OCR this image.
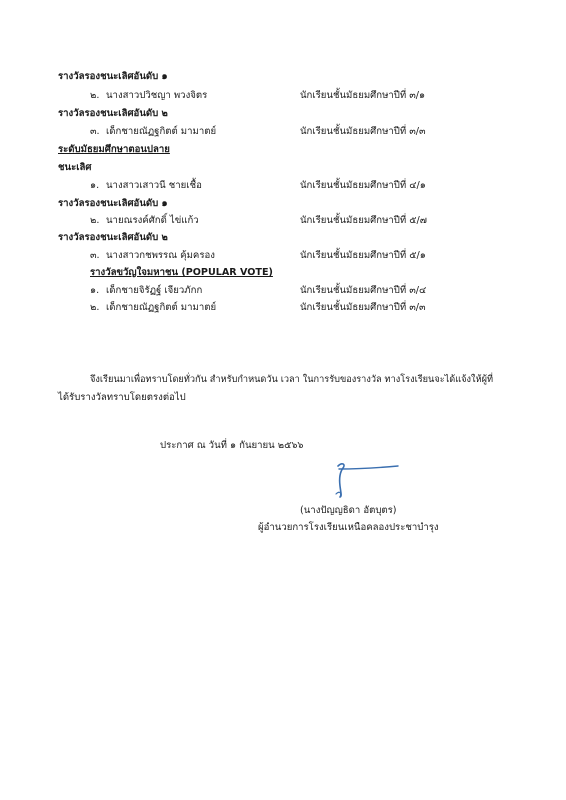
รางวัลรองชนะเลิศอันดับ ๑
๒. นางสาวปวิชญา พวงจิตร	นักเรียนชั้นมัธยมศึกษาปีที่ ๓/๑
รางวัลรองชนะเลิศอันดับ ๒
๓. เด็กชายณัฏฐกิตต์ มามาตย์	นักเรียนชั้นมัธยมศึกษาปีที่ ๓/๓
ระดับมัธยมศึกษาตอนปลาย
ชนะเลิศ
๑. นางสาวเสาวนี ชายเชื้อ	นักเรียนชั้นมัธยมศึกษาปีที่ ๔/๑
รางวัลรองชนะเลิศอันดับ ๑
๒. นายณรงค์ศักดิ์ ไข่แก้ว	นักเรียนชั้นมัธยมศึกษาปีที่ ๕/๗
รางวัลรองชนะเลิศอันดับ ๒
๓. นางสาวกชพรรณ คุ้มครอง	นักเรียนชั้นมัธยมศึกษาปีที่ ๕/๑
รางวัลขวัญใจมหาชน (POPULAR VOTE)
๑. เด็กชายจิรัฏฐ์ เจียวภักก	นักเรียนชั้นมัธยมศึกษาปีที่ ๓/๔
๒. เด็กชายณัฏฐกิตต์ มามาตย์	นักเรียนชั้นมัธยมศึกษาปีที่ ๓/๓
จึงเรียนมาเพื่อทราบโดยทั่วกัน สำหรับกำหนดวัน เวลา ในการรับของรางวัล ทางโรงเรียนจะได้แจ้งให้ผู้ที่
ได้รับรางวัลทราบโดยตรงต่อไป
ประกาศ ณ วันที่ ๑ กันยายน ๒๕๖๖
(นางปัญญธิดา อัตบุตร)
ผู้อำนวยการโรงเรียนเหนือคลองประชาบำรุง
